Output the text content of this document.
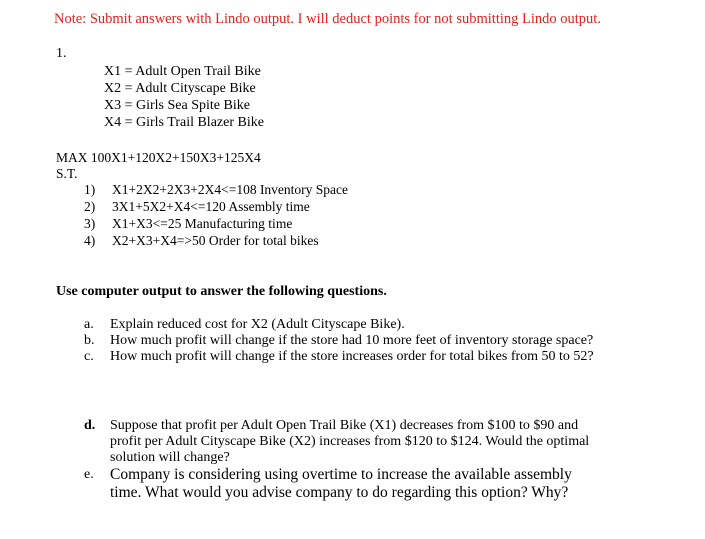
Note: Submit answers with Lindo output. I will deduct points for not submitting Lindo output.
1.
X1 = Adult Open Trail Bike
X2 = Adult Cityscape Bike
X3 = Girls Sea Spite Bike
X4 = Girls Trail Blazer Bike
MAX 100X1+120X2+150X3+125X4
S.T.
1) X1+2X2+2X3+2X4<=108 Inventory Space
2) 3X1+5X2+X4<=120 Assembly time
3) X1+X3<=25 Manufacturing time
4) X2+X3+X4=>50 Order for total bikes
Use computer output to answer the following questions.
a.	Explain reduced cost for X2 (Adult Cityscape Bike).
b.	How much profit will change if the store had 10 more feet of inventory storage space?
c.	How much profit will change if the store increases order for total bikes from 50 to 52?
d.	Suppose that profit per Adult Open Trail Bike (X1) decreases from $100 to $90 and profit per Adult Cityscape Bike (X2) increases from $120 to $124. Would the optimal solution will change?
e.	Company is considering using overtime to increase the available assembly time. What would you advise company to do regarding this option? Why?
